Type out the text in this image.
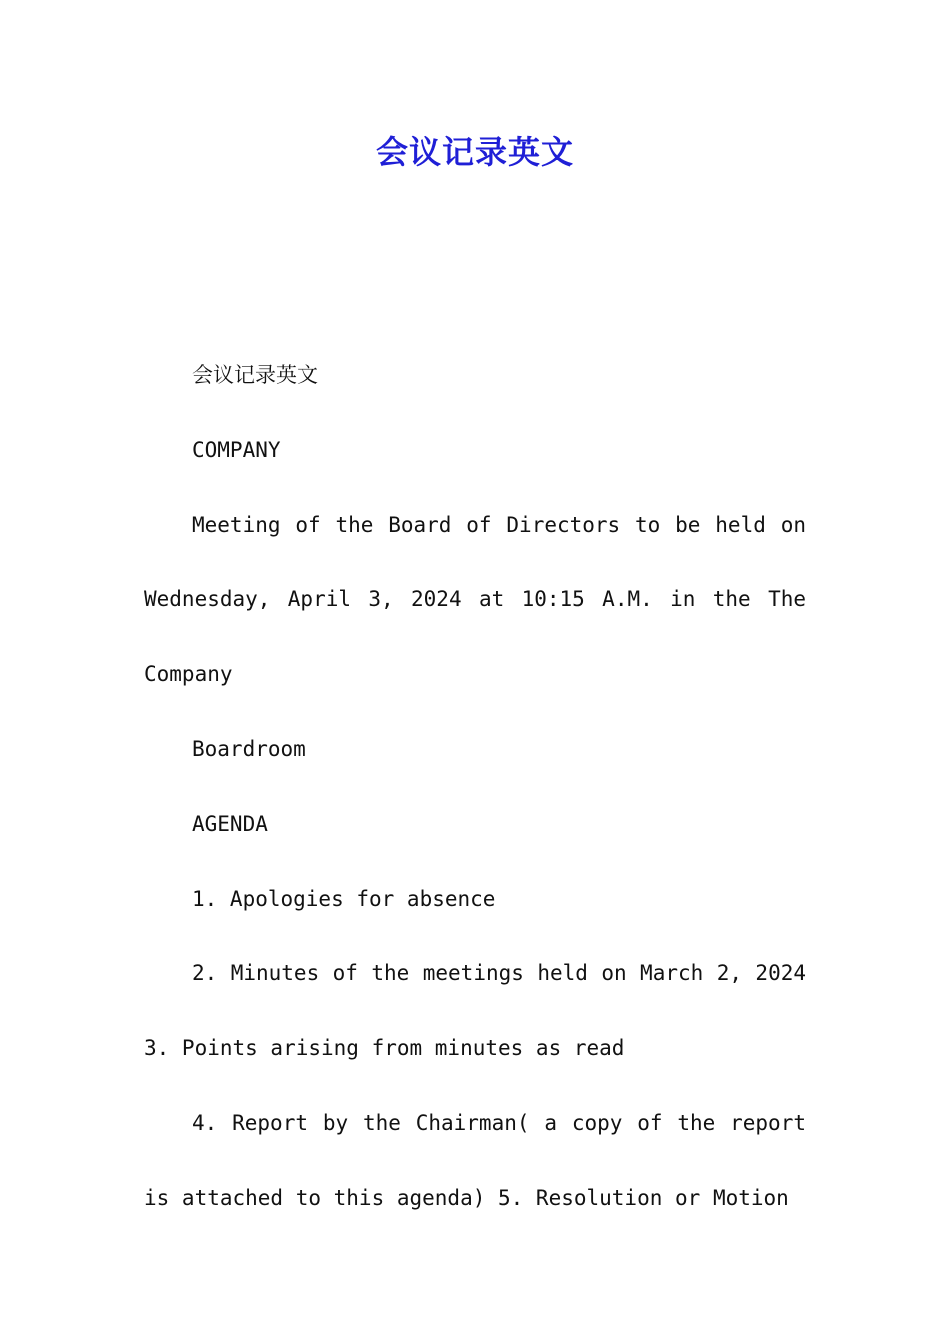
会议记录英文

会议记录英文

COMPANY

Meeting of the Board of Directors to be held on Wednesday, April 3, 2024 at 10:15 A.M. in the The Company

Boardroom

AGENDA

1. Apologies for absence

2. Minutes of the meetings held on March 2, 2024 3. Points arising from minutes as read

4. Report by the Chairman( a copy of the report is attached to this agenda) 5. Resolution or Motion
